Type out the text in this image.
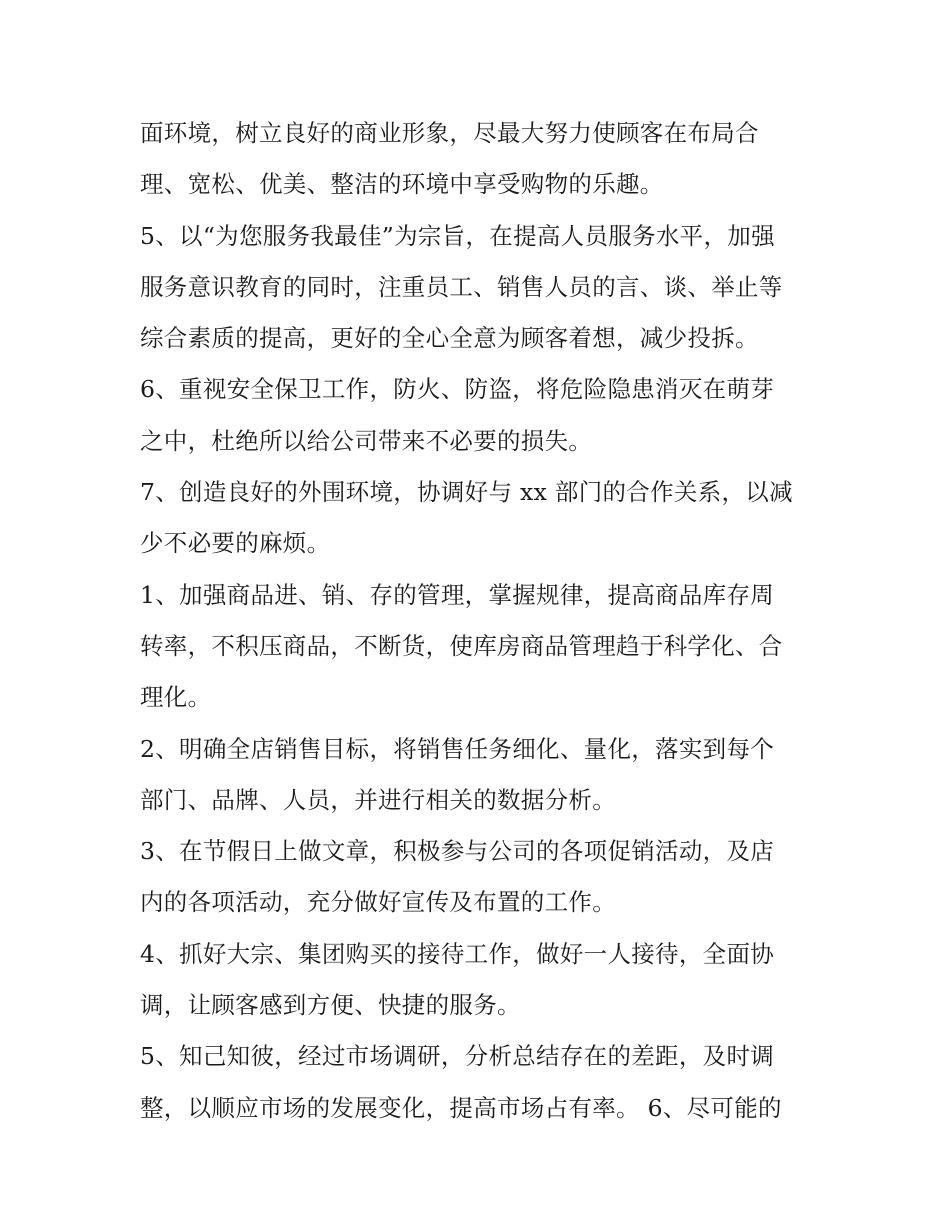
面环境，树立良好的商业形象，尽最大努力使顾客在布局合
理、宽松、优美、整洁的环境中享受购物的乐趣。
5、以“为您服务我最佳”为宗旨，在提高人员服务水平，加强
服务意识教育的同时，注重员工、销售人员的言、谈、举止等
综合素质的提高，更好的全心全意为顾客着想，减少投拆。
6、重视安全保卫工作，防火、防盗，将危险隐患消灭在萌芽
之中，杜绝所以给公司带来不必要的损失。
7、创造良好的外围环境，协调好与 xx 部门的合作关系，以减
少不必要的麻烦。
1、加强商品进、销、存的管理，掌握规律，提高商品库存周
转率，不积压商品，不断货，使库房商品管理趋于科学化、合
理化。
2、明确全店销售目标，将销售任务细化、量化，落实到每个
部门、品牌、人员，并进行相关的数据分析。
3、在节假日上做文章，积极参与公司的各项促销活动，及店
内的各项活动，充分做好宣传及布置的工作。
4、抓好大宗、集团购买的接待工作，做好一人接待，全面协
调，让顾客感到方便、快捷的服务。
5、知己知彼，经过市场调研，分析总结存在的差距，及时调
整，以顺应市场的发展变化，提高市场占有率。 6、尽可能的
